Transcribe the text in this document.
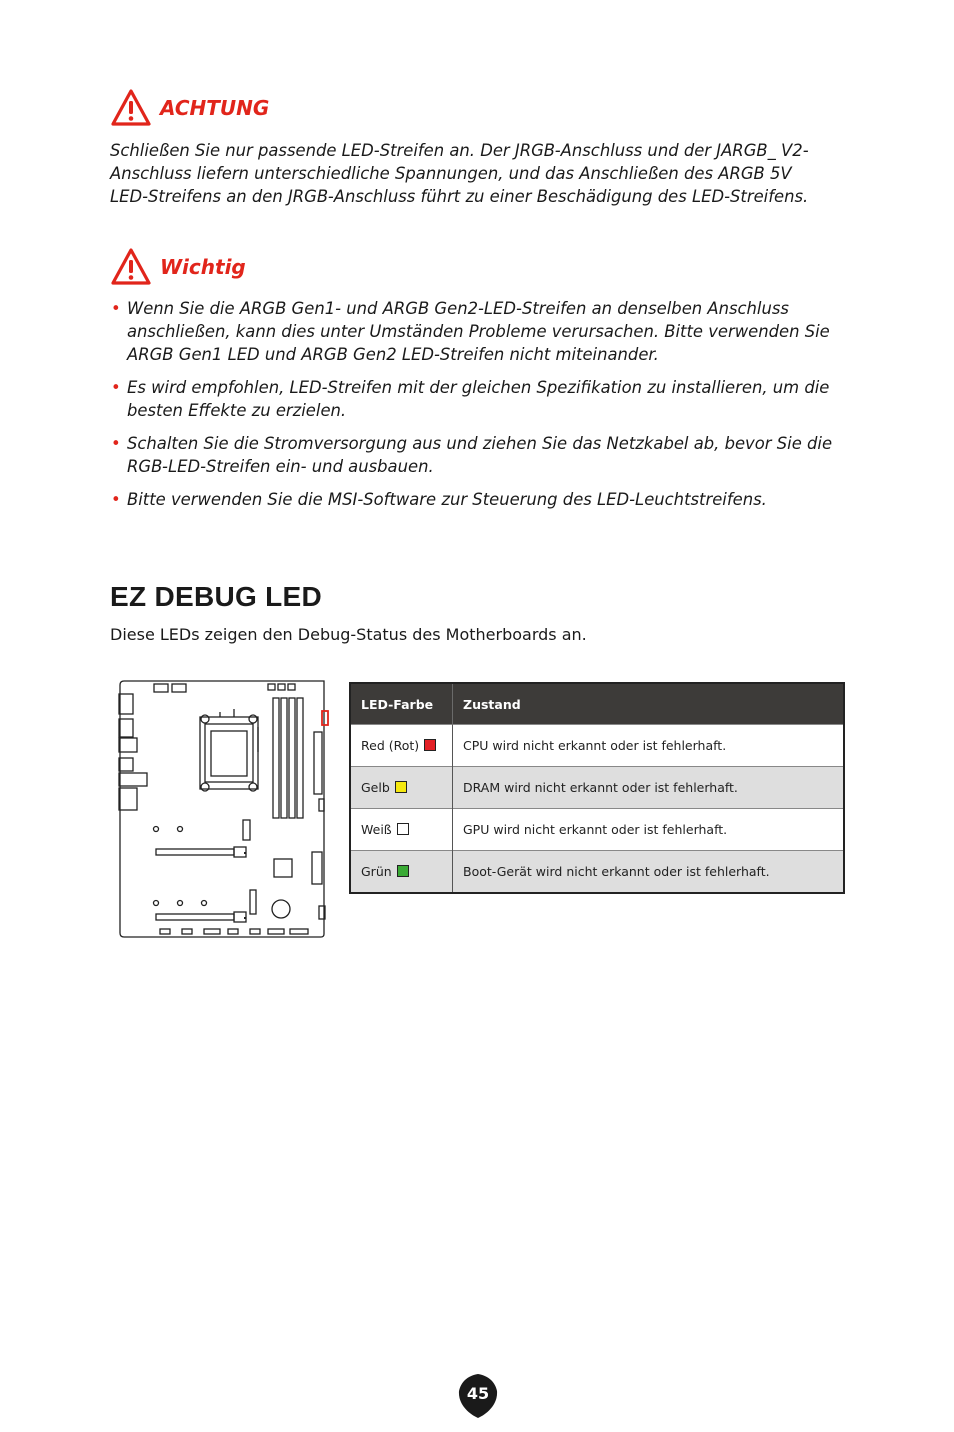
ACHTUNG
Schließen Sie nur passende LED-Streifen an. Der JRGB-Anschluss und der JARGB_ V2-Anschluss liefern unterschiedliche Spannungen, und das Anschließen des ARGB 5V LED-Streifens an den JRGB-Anschluss führt zu einer Beschädigung des LED-Streifens.
Wichtig
• Wenn Sie die ARGB Gen1- und ARGB Gen2-LED-Streifen an denselben Anschluss anschließen, kann dies unter Umständen Probleme verursachen. Bitte verwenden Sie ARGB Gen1 LED und ARGB Gen2 LED-Streifen nicht miteinander.
• Es wird empfohlen, LED-Streifen mit der gleichen Spezifikation zu installieren, um die besten Effekte zu erzielen.
• Schalten Sie die Stromversorgung aus und ziehen Sie das Netzkabel ab, bevor Sie die RGB-LED-Streifen ein- und ausbauen.
• Bitte verwenden Sie die MSI-Software zur Steuerung des LED-Leuchtstreifens.
EZ DEBUG LED
Diese LEDs zeigen den Debug-Status des Motherboards an.
LED-Farbe	Zustand
Red (Rot)	CPU wird nicht erkannt oder ist fehlerhaft.
Gelb	DRAM wird nicht erkannt oder ist fehlerhaft.
Weiß	GPU wird nicht erkannt oder ist fehlerhaft.
Grün	Boot-Gerät wird nicht erkannt oder ist fehlerhaft.
45
